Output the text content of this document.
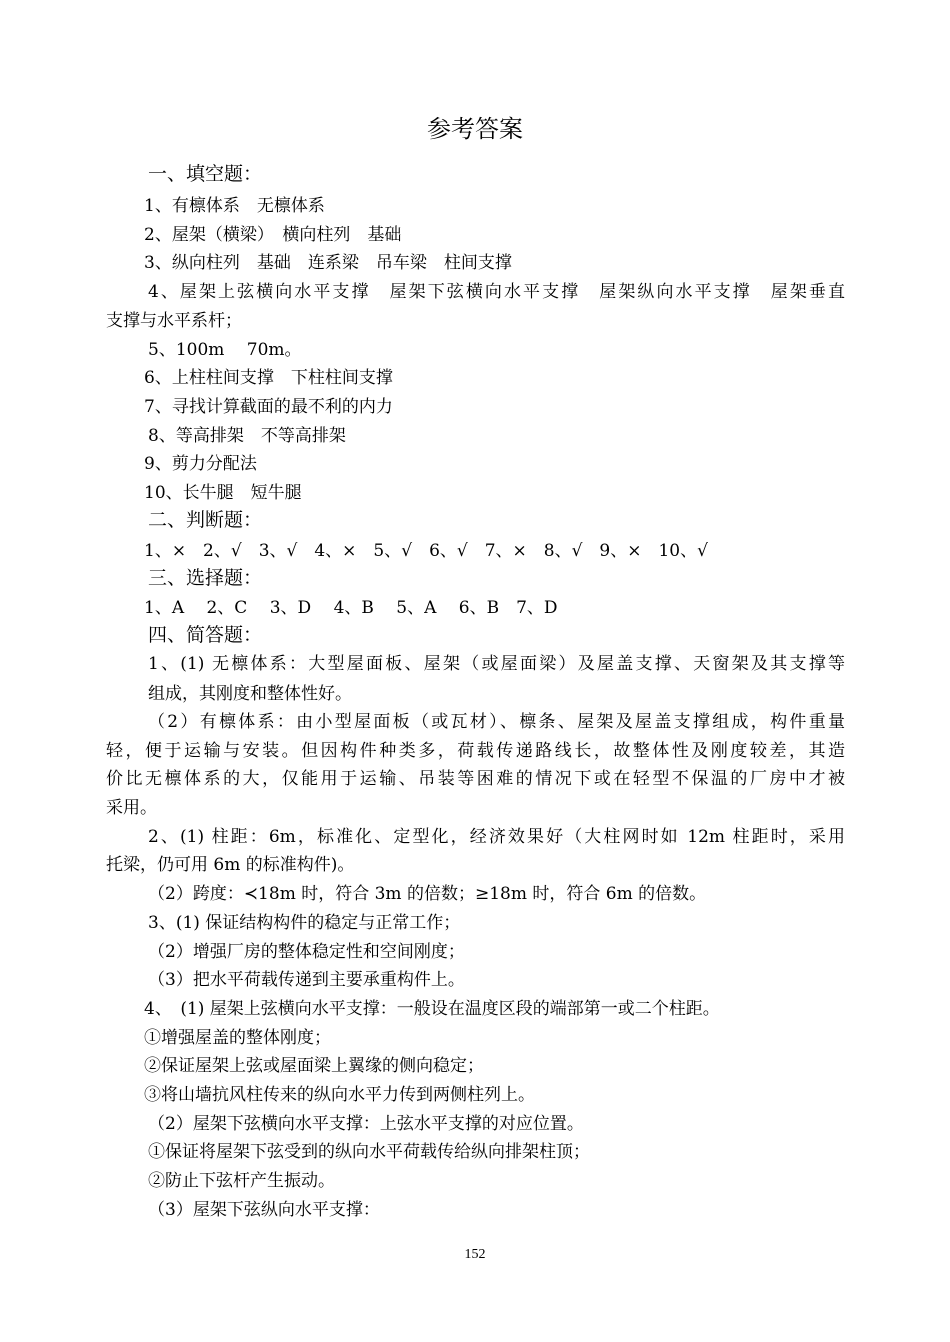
参考答案
一、填空题：
1、有檩体系　无檩体系
2、屋架（横梁）　横向柱列　基础
3、纵向柱列　基础　连系梁　吊车梁　柱间支撑
4、屋架上弦横向水平支撑　屋架下弦横向水平支撑　屋架纵向水平支撑　屋架垂直
支撑与水平系杆；
5、100m　 70m。
6、上柱柱间支撑　下柱柱间支撑
7、寻找计算截面的最不利的内力
8、等高排架　不等高排架
9、剪力分配法
10、长牛腿　短牛腿
二、判断题：
1、×　2、√　3、√　4、×　5、√　6、√　7、×　8、√　9、×　10、√
三、选择题：
1、A　 2、C　 3、D　 4、B　 5、A　 6、B　7、D
四、简答题：
1、(1) 无檩体系：大型屋面板、屋架（或屋面梁）及屋盖支撑、天窗架及其支撑等
组成，其刚度和整体性好。
（2）有檩体系：由小型屋面板（或瓦材）、檩条、屋架及屋盖支撑组成，构件重量
轻，便于运输与安装。但因构件种类多，荷载传递路线长，故整体性及刚度较差，其造
价比无檩体系的大，仅能用于运输、吊装等困难的情况下或在轻型不保温的厂房中才被
采用。
2、(1) 柱距：6m，标准化、定型化，经济效果好（大柱网时如 12m 柱距时，采用
托梁，仍可用 6m 的标准构件)。
（2）跨度：≺18m 时，符合 3m 的倍数；≥18m 时，符合 6m 的倍数。
3、(1) 保证结构构件的稳定与正常工作；
（2）增强厂房的整体稳定性和空间刚度；
（3）把水平荷载传递到主要承重构件上。
4、　(1) 屋架上弦横向水平支撑：一般设在温度区段的端部第一或二个柱距。
①增强屋盖的整体刚度；
②保证屋架上弦或屋面梁上翼缘的侧向稳定；
③将山墙抗风柱传来的纵向水平力传到两侧柱列上。
（2）屋架下弦横向水平支撑：上弦水平支撑的对应位置。
①保证将屋架下弦受到的纵向水平荷载传给纵向排架柱顶；
②防止下弦杆产生振动。
（3）屋架下弦纵向水平支撑：
152
